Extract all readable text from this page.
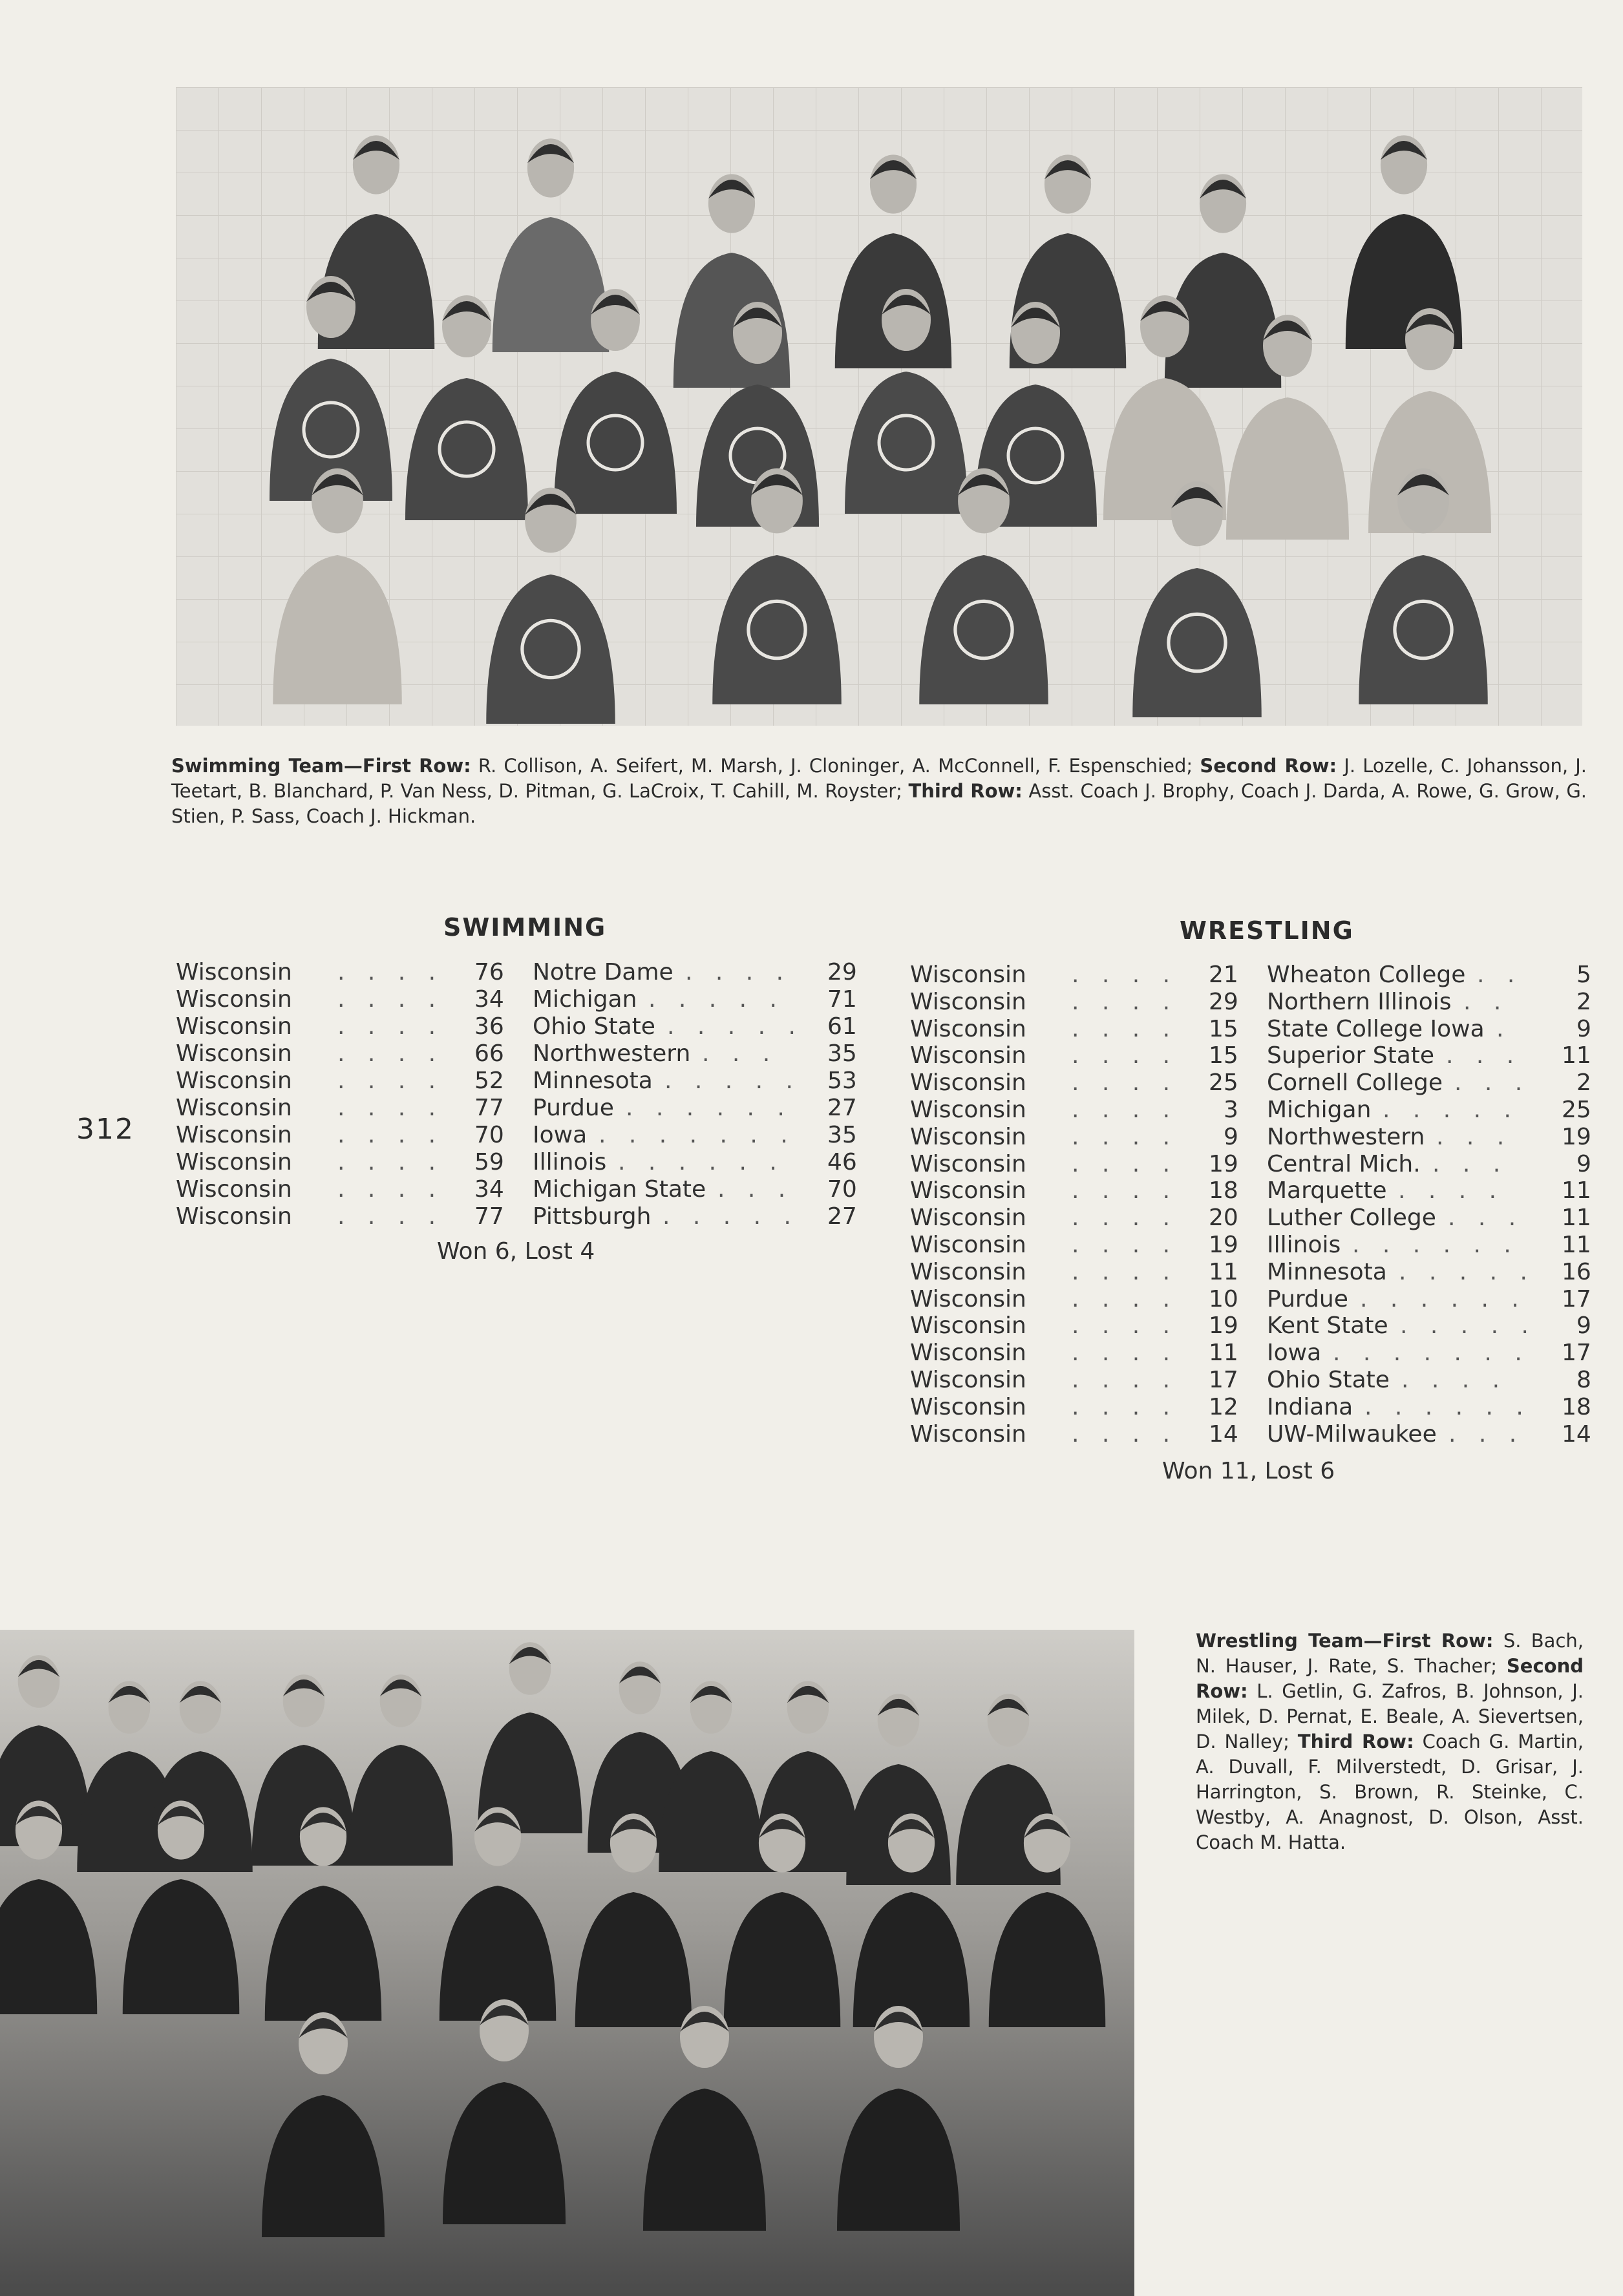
Swimming Team—First Row: R. Collison, A. Seifert, M. Marsh, J. Cloninger, A. McConnell, F. Espenschied; Second Row: J. Lozelle, C. Johansson, J. Teetart, B. Blanchard, P. Van Ness, D. Pitman, G. LaCroix, T. Cahill, M. Royster; Third Row: Asst. Coach J. Brophy, Coach J. Darda, A. Rowe, G. Grow, G. Stien, P. Sass, Coach J. Hickman.
312
SWIMMING	WRESTLING
Wisconsin . . . . 76 Notre Dame . . . . 29
Wisconsin . . . . 34 Michigan . . . . . 71
Wisconsin . . . . 36 Ohio State . . . . . 61
Wisconsin . . . . 66 Northwestern . . . 35
Wisconsin . . . . 52 Minnesota . . . . . 53
Wisconsin . . . . 77 Purdue . . . . . . 27
Wisconsin . . . . 70 Iowa . . . . . . . 35
Wisconsin . . . . 59 Illinois . . . . . . 46
Wisconsin . . . . 34 Michigan State . . . 70
Wisconsin . . . . 77 Pittsburgh . . . . . 27
Won 6, Lost 4
Wisconsin . . . . 21 Wheaton College . . 5
Wisconsin . . . . 29 Northern Illinois . .	2
Wisconsin . . . . 15 State College Iowa .	9
Wisconsin . . . . 15 Superior State . . . 11
Wisconsin . . . . 25 Cornell College . . . 2
Wisconsin . . . . 3 Michigan . . . . . 25
Wisconsin . . . . 9 Northwestern . . . 19
Wisconsin . . . . 19 Central Mich. . . .	9
Wisconsin . . . . 18 Marquette . . . . 11
Wisconsin . . . . 20 Luther College . . . 11
Wisconsin . . . . 19 Illinois . . . . . . 11
Wisconsin . . . . 11 Minnesota . . . . . 16
Wisconsin . . . . 10 Purdue . . . . . . 17
Wisconsin . . . . 19 Kent State . . . . . 9
Wisconsin . . . . 11 Iowa . . . . . . . 17
Wisconsin . . . . 17 Ohio State . . . .	8
Wisconsin . . . . 12 Indiana . . . . . . 18
Wisconsin . . . . 14 UW-Milwaukee . . . 14
Won 11, Lost 6
Wrestling Team—First Row: S. Bach, N. Hauser, J. Rate, S. Thacher; Second Row: L. Getlin, G. Zafros, B. Johnson, J. Milek, D. Pernat, E. Beale, A. Sievertsen, D. Nalley; Third Row: Coach G. Martin, A. Duvall, F. Milverstedt, D. Grisar, J. Harrington, S. Brown, R. Steinke, C. Westby, A. Anagnost, D. Olson, Asst. Coach M. Hatta.
